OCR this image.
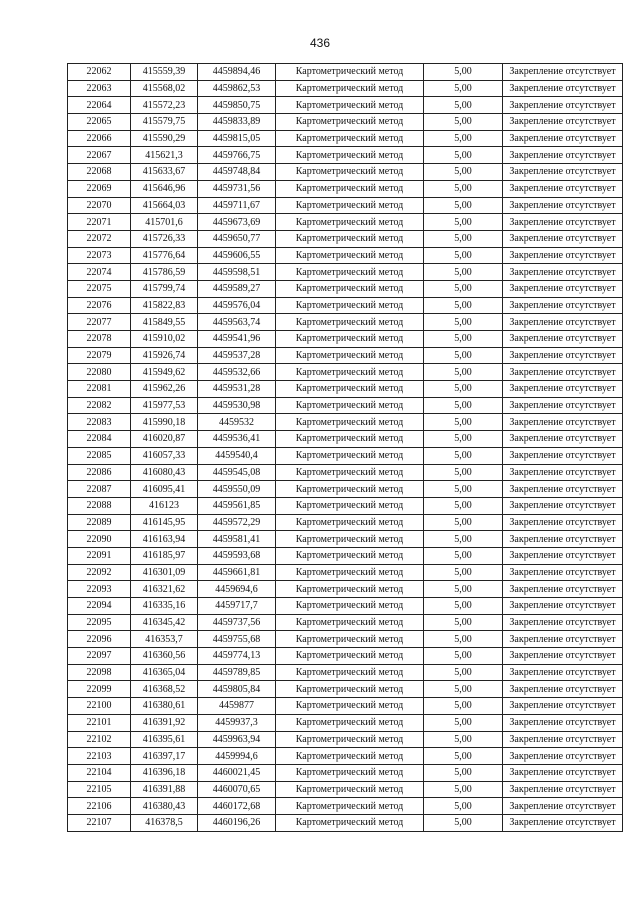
436
22062	415559,39	4459894,46	Картометрический метод	5,00	Закрепление отсутствует
22063	415568,02	4459862,53	Картометрический метод	5,00	Закрепление отсутствует
22064	415572,23	4459850,75	Картометрический метод	5,00	Закрепление отсутствует
22065	415579,75	4459833,89	Картометрический метод	5,00	Закрепление отсутствует
22066	415590,29	4459815,05	Картометрический метод	5,00	Закрепление отсутствует
22067	415621,3	4459766,75	Картометрический метод	5,00	Закрепление отсутствует
22068	415633,67	4459748,84	Картометрический метод	5,00	Закрепление отсутствует
22069	415646,96	4459731,56	Картометрический метод	5,00	Закрепление отсутствует
22070	415664,03	4459711,67	Картометрический метод	5,00	Закрепление отсутствует
22071	415701,6	4459673,69	Картометрический метод	5,00	Закрепление отсутствует
22072	415726,33	4459650,77	Картометрический метод	5,00	Закрепление отсутствует
22073	415776,64	4459606,55	Картометрический метод	5,00	Закрепление отсутствует
22074	415786,59	4459598,51	Картометрический метод	5,00	Закрепление отсутствует
22075	415799,74	4459589,27	Картометрический метод	5,00	Закрепление отсутствует
22076	415822,83	4459576,04	Картометрический метод	5,00	Закрепление отсутствует
22077	415849,55	4459563,74	Картометрический метод	5,00	Закрепление отсутствует
22078	415910,02	4459541,96	Картометрический метод	5,00	Закрепление отсутствует
22079	415926,74	4459537,28	Картометрический метод	5,00	Закрепление отсутствует
22080	415949,62	4459532,66	Картометрический метод	5,00	Закрепление отсутствует
22081	415962,26	4459531,28	Картометрический метод	5,00	Закрепление отсутствует
22082	415977,53	4459530,98	Картометрический метод	5,00	Закрепление отсутствует
22083	415990,18	4459532	Картометрический метод	5,00	Закрепление отсутствует
22084	416020,87	4459536,41	Картометрический метод	5,00	Закрепление отсутствует
22085	416057,33	4459540,4	Картометрический метод	5,00	Закрепление отсутствует
22086	416080,43	4459545,08	Картометрический метод	5,00	Закрепление отсутствует
22087	416095,41	4459550,09	Картометрический метод	5,00	Закрепление отсутствует
22088	416123	4459561,85	Картометрический метод	5,00	Закрепление отсутствует
22089	416145,95	4459572,29	Картометрический метод	5,00	Закрепление отсутствует
22090	416163,94	4459581,41	Картометрический метод	5,00	Закрепление отсутствует
22091	416185,97	4459593,68	Картометрический метод	5,00	Закрепление отсутствует
22092	416301,09	4459661,81	Картометрический метод	5,00	Закрепление отсутствует
22093	416321,62	4459694,6	Картометрический метод	5,00	Закрепление отсутствует
22094	416335,16	4459717,7	Картометрический метод	5,00	Закрепление отсутствует
22095	416345,42	4459737,56	Картометрический метод	5,00	Закрепление отсутствует
22096	416353,7	4459755,68	Картометрический метод	5,00	Закрепление отсутствует
22097	416360,56	4459774,13	Картометрический метод	5,00	Закрепление отсутствует
22098	416365,04	4459789,85	Картометрический метод	5,00	Закрепление отсутствует
22099	416368,52	4459805,84	Картометрический метод	5,00	Закрепление отсутствует
22100	416380,61	4459877	Картометрический метод	5,00	Закрепление отсутствует
22101	416391,92	4459937,3	Картометрический метод	5,00	Закрепление отсутствует
22102	416395,61	4459963,94	Картометрический метод	5,00	Закрепление отсутствует
22103	416397,17	4459994,6	Картометрический метод	5,00	Закрепление отсутствует
22104	416396,18	4460021,45	Картометрический метод	5,00	Закрепление отсутствует
22105	416391,88	4460070,65	Картометрический метод	5,00	Закрепление отсутствует
22106	416380,43	4460172,68	Картометрический метод	5,00	Закрепление отсутствует
22107	416378,5	4460196,26	Картометрический метод	5,00	Закрепление отсутствует
